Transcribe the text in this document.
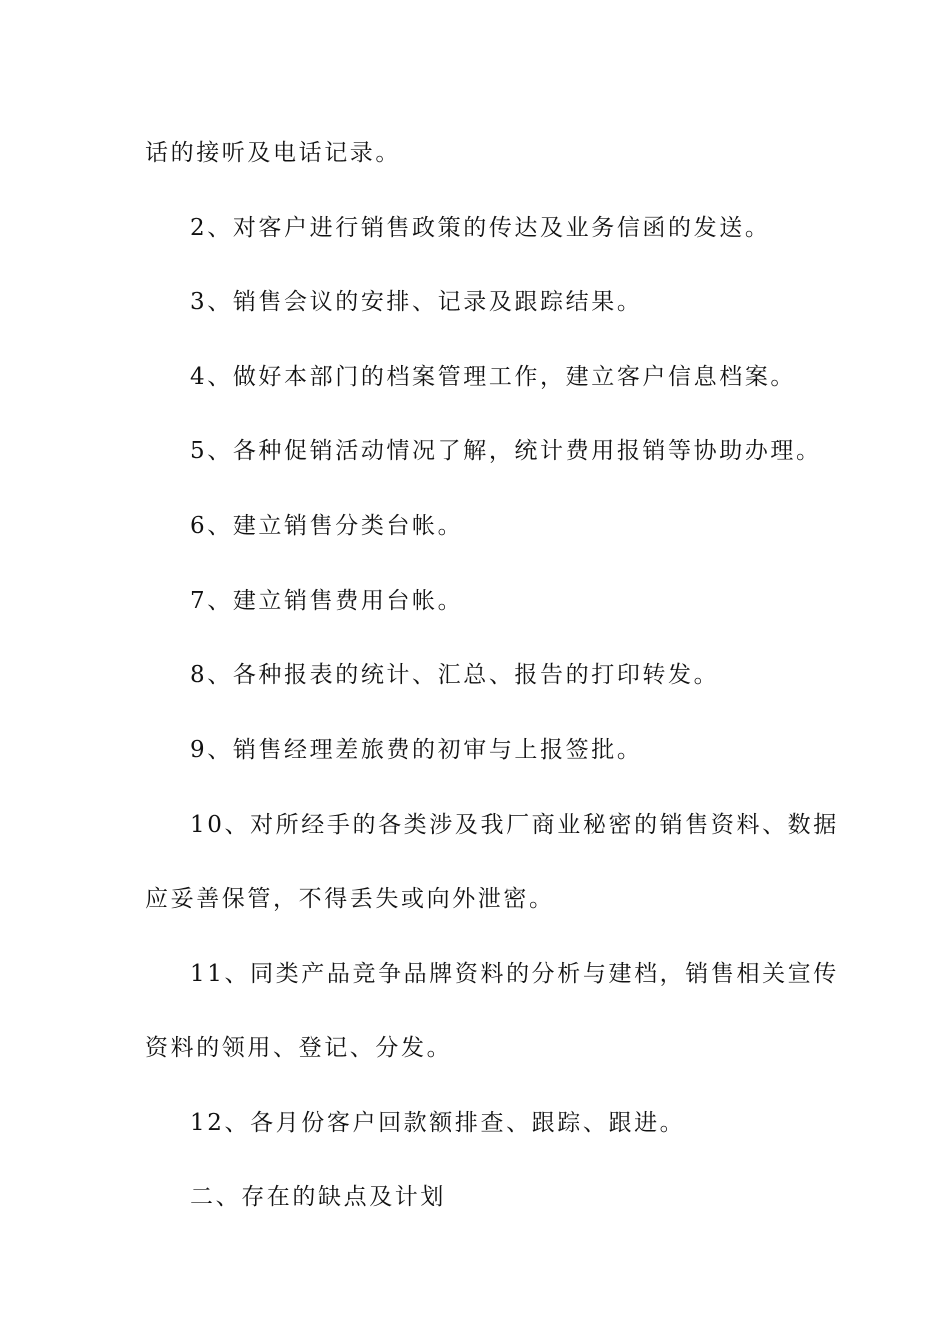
话的接听及电话记录。
2、对客户进行销售政策的传达及业务信函的发送。
3、销售会议的安排、记录及跟踪结果。
4、做好本部门的档案管理工作，建立客户信息档案。
5、各种促销活动情况了解，统计费用报销等协助办理。
6、建立销售分类台帐。
7、建立销售费用台帐。
8、各种报表的统计、汇总、报告的打印转发。
9、销售经理差旅费的初审与上报签批。
10、对所经手的各类涉及我厂商业秘密的销售资料、数据
应妥善保管，不得丢失或向外泄密。
11、同类产品竞争品牌资料的分析与建档，销售相关宣传
资料的领用、登记、分发。
12、各月份客户回款额排查、跟踪、跟进。
二、存在的缺点及计划
